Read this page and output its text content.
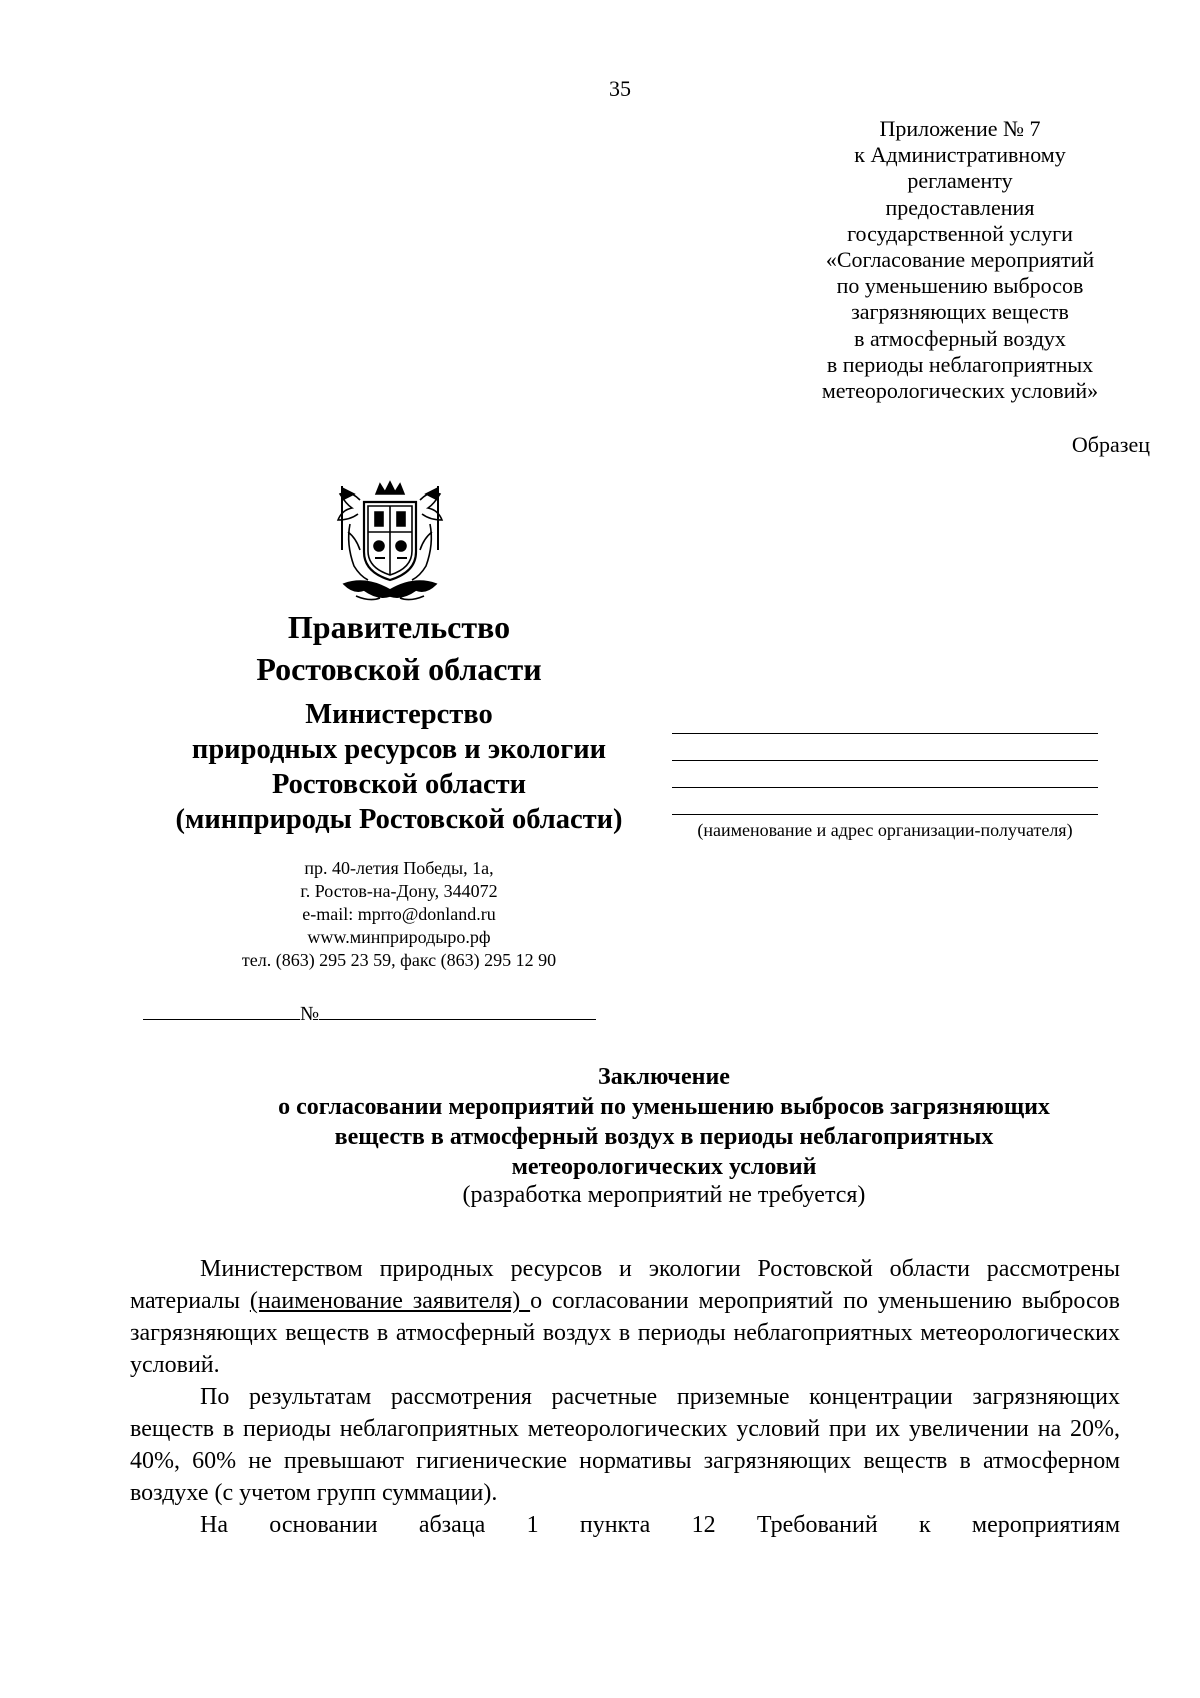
35
Приложение № 7
к Административному
регламенту
предоставления
государственной услуги
«Согласование мероприятий
по уменьшению выбросов
загрязняющих веществ
в атмосферный воздух
в периоды неблагоприятных
метеорологических условий»
Образец
Правительство
Ростовской области
Министерство
природных ресурсов и экологии
Ростовской области
(минприроды Ростовской области)
пр. 40-летия Победы, 1а,
г. Ростов-на-Дону, 344072
e-mail: mprro@donland.ru
www.минприродыро.рф
тел. (863) 295 23 59, факс (863) 295 12 90
(наименование и адрес организации-получателя)
№
Заключение
о согласовании мероприятий по уменьшению выбросов загрязняющих
веществ в атмосферный воздух в периоды неблагоприятных
метеорологических условий
(разработка мероприятий не требуется)

Министерством природных ресурсов и экологии Ростовской области рассмотрены материалы (наименование заявителя) о согласовании мероприятий по уменьшению выбросов загрязняющих веществ в атмосферный воздух в периоды неблагоприятных метеорологических условий.

По результатам рассмотрения расчетные приземные концентрации загрязняющих веществ в периоды неблагоприятных метеорологических условий при их увеличении на 20%, 40%, 60% не превышают гигиенические нормативы загрязняющих веществ в атмосферном воздухе (с учетом групп суммации).

На основании абзаца 1 пункта 12 Требований к мероприятиям
